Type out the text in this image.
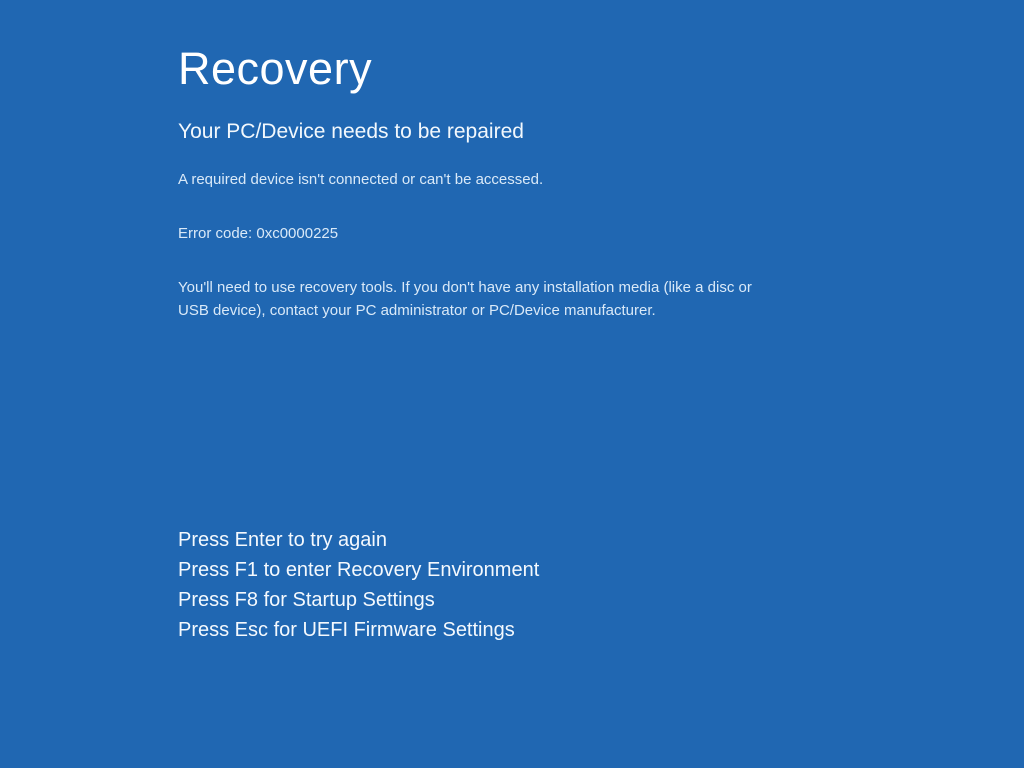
Recovery
Your PC/Device needs to be repaired

A required device isn't connected or can't be accessed.

Error code: 0xc0000225

You'll need to use recovery tools. If you don't have any installation media (like a disc or USB device), contact your PC administrator or PC/Device manufacturer.

Press Enter to try again
Press F1 to enter Recovery Environment
Press F8 for Startup Settings
Press Esc for UEFI Firmware Settings
